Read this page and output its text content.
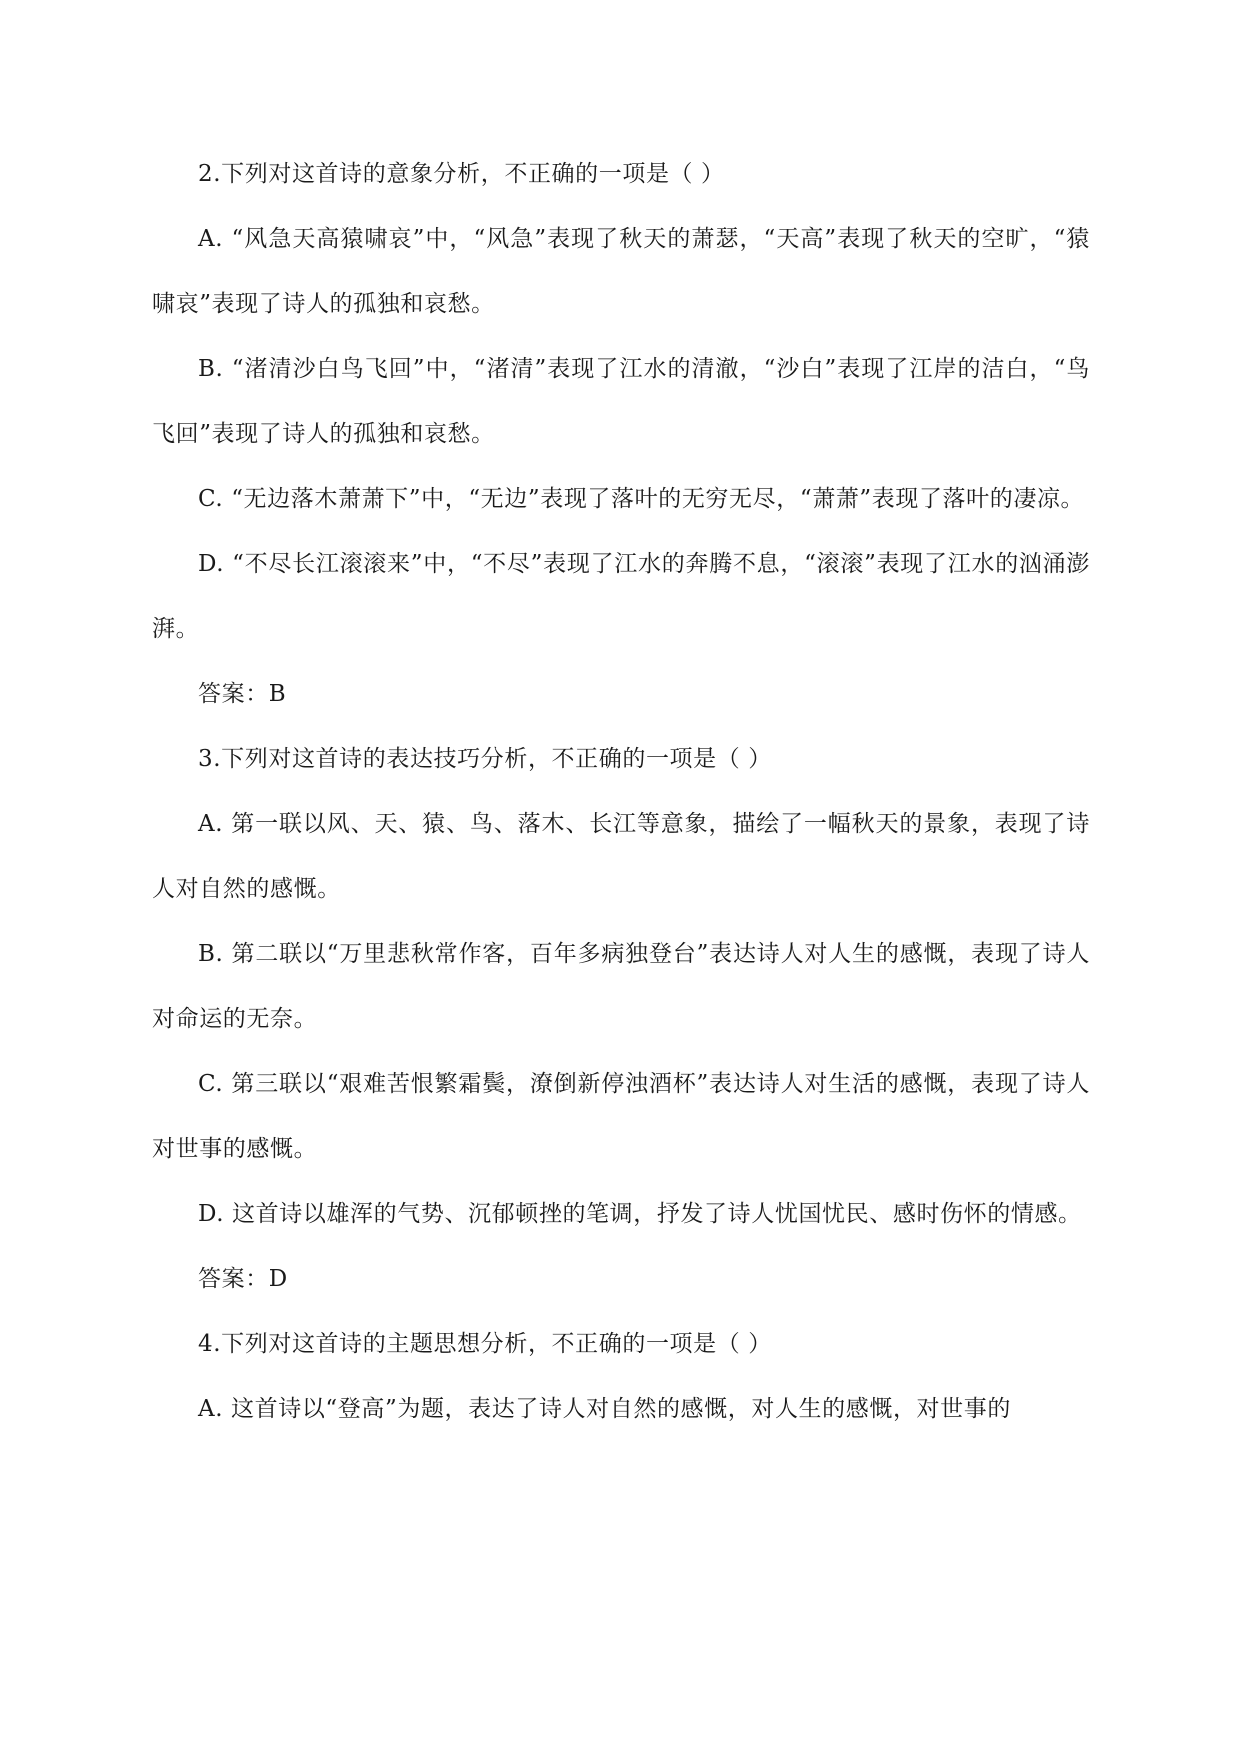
2.下列对这首诗的意象分析，不正确的一项是（ ）

A. “风急天高猿啸哀”中，“风急”表现了秋天的萧瑟，“天高”表现了秋天的空旷，“猿啸哀”表现了诗人的孤独和哀愁。

B. “渚清沙白鸟飞回”中，“渚清”表现了江水的清澈，“沙白”表现了江岸的洁白，“鸟飞回”表现了诗人的孤独和哀愁。

C. “无边落木萧萧下”中，“无边”表现了落叶的无穷无尽，“萧萧”表现了落叶的凄凉。

D. “不尽长江滚滚来”中，“不尽”表现了江水的奔腾不息，“滚滚”表现了江水的汹涌澎湃。

答案：B

3.下列对这首诗的表达技巧分析，不正确的一项是（ ）

A. 第一联以风、天、猿、鸟、落木、长江等意象，描绘了一幅秋天的景象，表现了诗人对自然的感慨。

B. 第二联以“万里悲秋常作客，百年多病独登台”表达诗人对人生的感慨，表现了诗人对命运的无奈。

C. 第三联以“艰难苦恨繁霜鬓，潦倒新停浊酒杯”表达诗人对生活的感慨，表现了诗人对世事的感慨。

D. 这首诗以雄浑的气势、沉郁顿挫的笔调，抒发了诗人忧国忧民、感时伤怀的情感。

答案：D

4.下列对这首诗的主题思想分析，不正确的一项是（ ）

A. 这首诗以“登高”为题，表达了诗人对自然的感慨，对人生的感慨，对世事的
